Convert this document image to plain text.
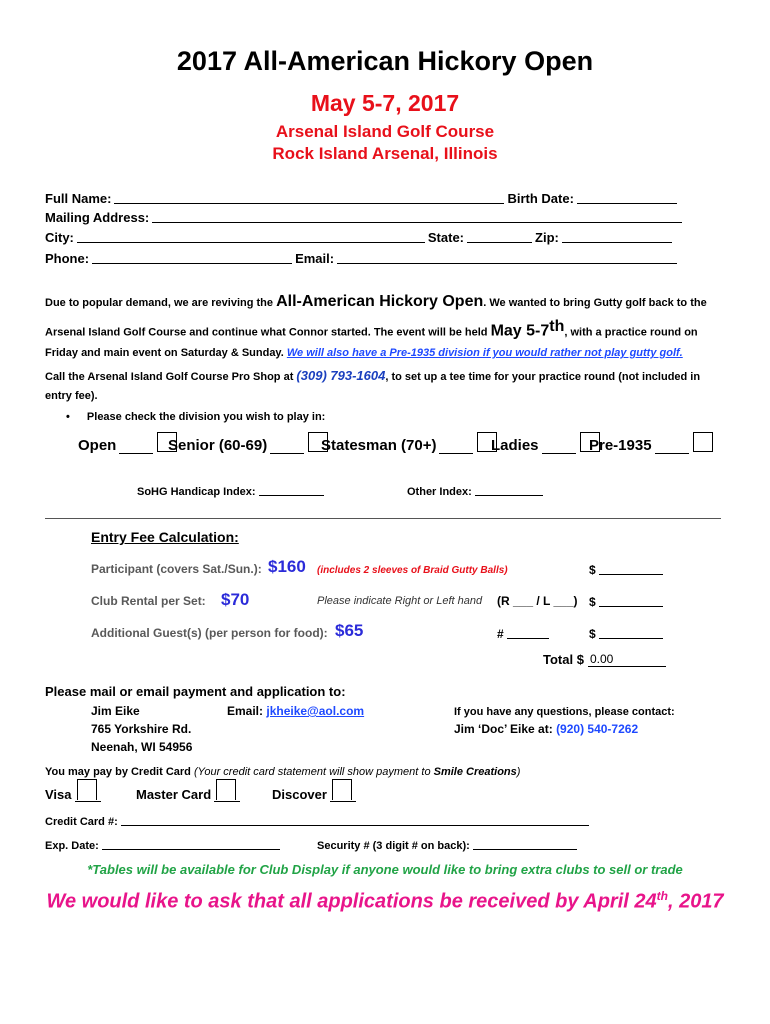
2017 All-American Hickory Open
May 5-7, 2017
Arsenal Island Golf Course
Rock Island Arsenal, Illinois
Full Name:	Birth Date:
Mailing Address:
City:	State:	Zip:
Phone:	Email:
Due to popular demand, we are reviving the All-American Hickory Open. We wanted to bring Gutty golf back to the
Arsenal Island Golf Course and continue what Connor started. The event will be held May 5-7th, with a practice round on
Friday and main event on Saturday & Sunday. We will also have a Pre-1935 division if you would rather not play gutty golf.
Call the Arsenal Island Golf Course Pro Shop at (309) 793-1604, to set up a tee time for your practice round (not included in
entry fee).
• Please check the division you wish to play in:
Open	Senior (60-69)	Statesman (70+)	Ladies	Pre-1935
SoHG Handicap Index:	Other Index:
Entry Fee Calculation:
Participant (covers Sat./Sun.): $160 (includes 2 sleeves of Braid Gutty Balls)	$
Club Rental per Set: $70	Please indicate Right or Left hand (R ___ / L ___) $
Additional Guest(s) (per person for food): $65	#	$
Total $ 0.00
Please mail or email payment and application to:
Jim Eike
765 Yorkshire Rd.
Neenah, WI 54956
Email: jkheike@aol.com	If you have any questions, please contact:
Jim ‘Doc’ Eike at: (920) 540-7262
You may pay by Credit Card (Your credit card statement will show payment to Smile Creations)
Visa	Master Card	Discover
Credit Card #:
Exp. Date:	Security # (3 digit # on back):
*Tables will be available for Club Display if anyone would like to bring extra clubs to sell or trade
We would like to ask that all applications be received by April 24th, 2017
